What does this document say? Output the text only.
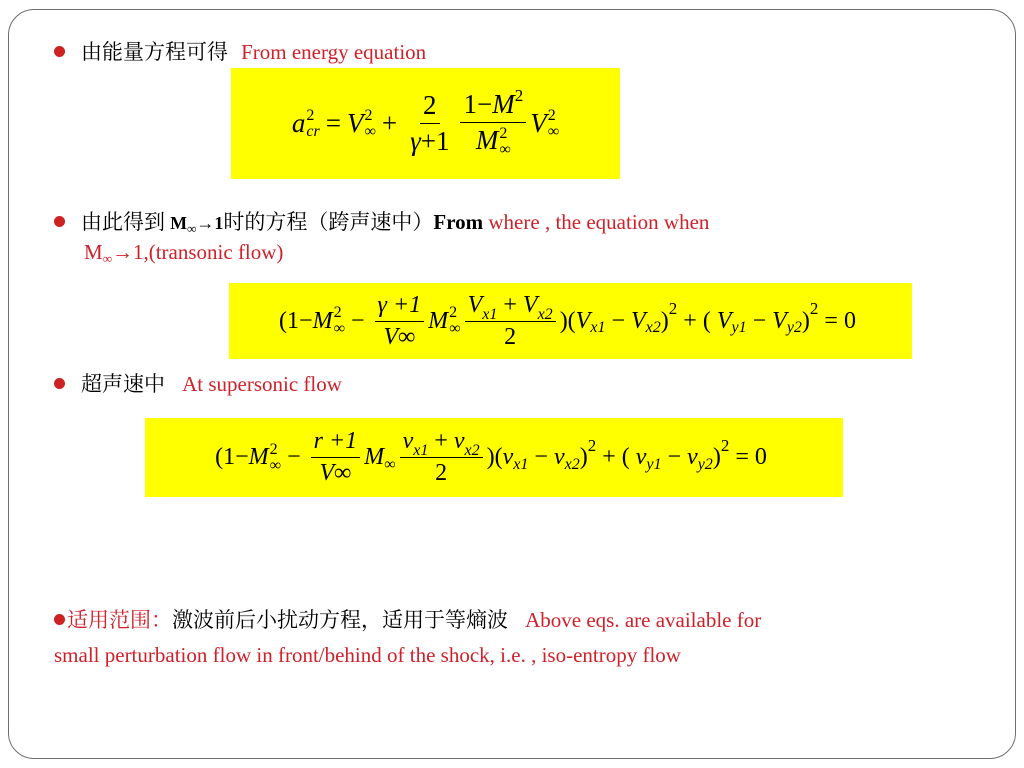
由能量方程可得 From energy equation
a 2
cr = V 2
∞ + $\frac{2}{\gamma+1} 1-M^2$
M 2
∞ V 2
∞
由此得到 $M_\infty\to 1$时的方程（跨声速中）From where , the equation when
$M_\infty\to 1,(transonic$ flow)
(1− M 2
∞ − $\frac{\gamma +1}{V\infty}$ M 2
∞ $\frac{V_{x1} + V_{x2}}{2}$ )( V x1 − V x2 ) 2 + ( V y1 − V y2 ) 2 = 0
超声速中 At supersonic flow
(1− M 2
∞ − $\frac{r +1}{V\infty}$ M ∞ $\frac{v_{x1} + v_{x2}}{2}$ )( v x1 − v x2 ) 2 + ( v y1 − v y2 ) 2 = 0
适用范围：激波前后小扰动方程，适用于等熵波 Above eqs. are available for
small perturbation flow in front/behind of the shock, i.e. , iso-entropy flow
